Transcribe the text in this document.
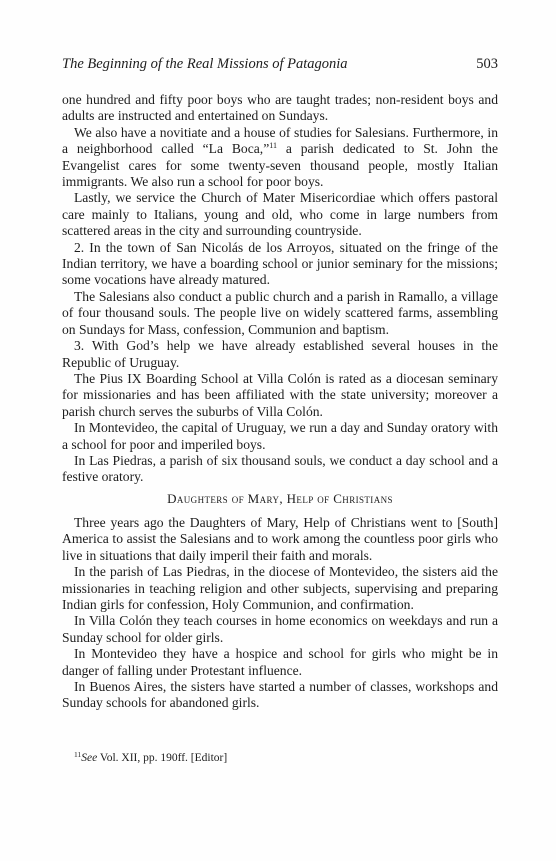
The Beginning of the Real Missions of Patagonia	503

one hundred and fifty poor boys who are taught trades; non-resident boys and adults are instructed and entertained on Sundays.

We also have a novitiate and a house of studies for Salesians. Furthermore, in a neighborhood called “La Boca,”$^{11}$ a parish dedicated to St. John the Evangelist cares for some twenty-seven thousand people, mostly Italian immigrants. We also run a school for poor boys.

Lastly, we service the Church of Mater Misericordiae which offers pastoral care mainly to Italians, young and old, who come in large numbers from scattered areas in the city and surrounding countryside.

2. In the town of San Nicolás de los Arroyos, situated on the fringe of the Indian territory, we have a boarding school or junior seminary for the missions; some vocations have already matured.

The Salesians also conduct a public church and a parish in Ramallo, a village of four thousand souls. The people live on widely scattered farms, assembling on Sundays for Mass, confession, Communion and baptism.

3. With God’s help we have already established several houses in the Republic of Uruguay.

The Pius IX Boarding School at Villa Colón is rated as a diocesan seminary for missionaries and has been affiliated with the state university; moreover a parish church serves the suburbs of Villa Colón.

In Montevideo, the capital of Uruguay, we run a day and Sunday oratory with a school for poor and imperiled boys.

In Las Piedras, a parish of six thousand souls, we conduct a day school and a festive oratory.

Daughters of Mary, Help of Christians

Three years ago the Daughters of Mary, Help of Christians went to [South] America to assist the Salesians and to work among the countless poor girls who live in situations that daily imperil their faith and morals.

In the parish of Las Piedras, in the diocese of Montevideo, the sisters aid the missionaries in teaching religion and other subjects, supervising and preparing Indian girls for confession, Holy Communion, and confirmation.

In Villa Colón they teach courses in home economics on weekdays and run a Sunday school for older girls.

In Montevideo they have a hospice and school for girls who might be in danger of falling under Protestant influence.

In Buenos Aires, the sisters have started a number of classes, workshops and Sunday schools for abandoned girls.

$^{11}$See Vol. XII, pp. 190ff. [Editor]
